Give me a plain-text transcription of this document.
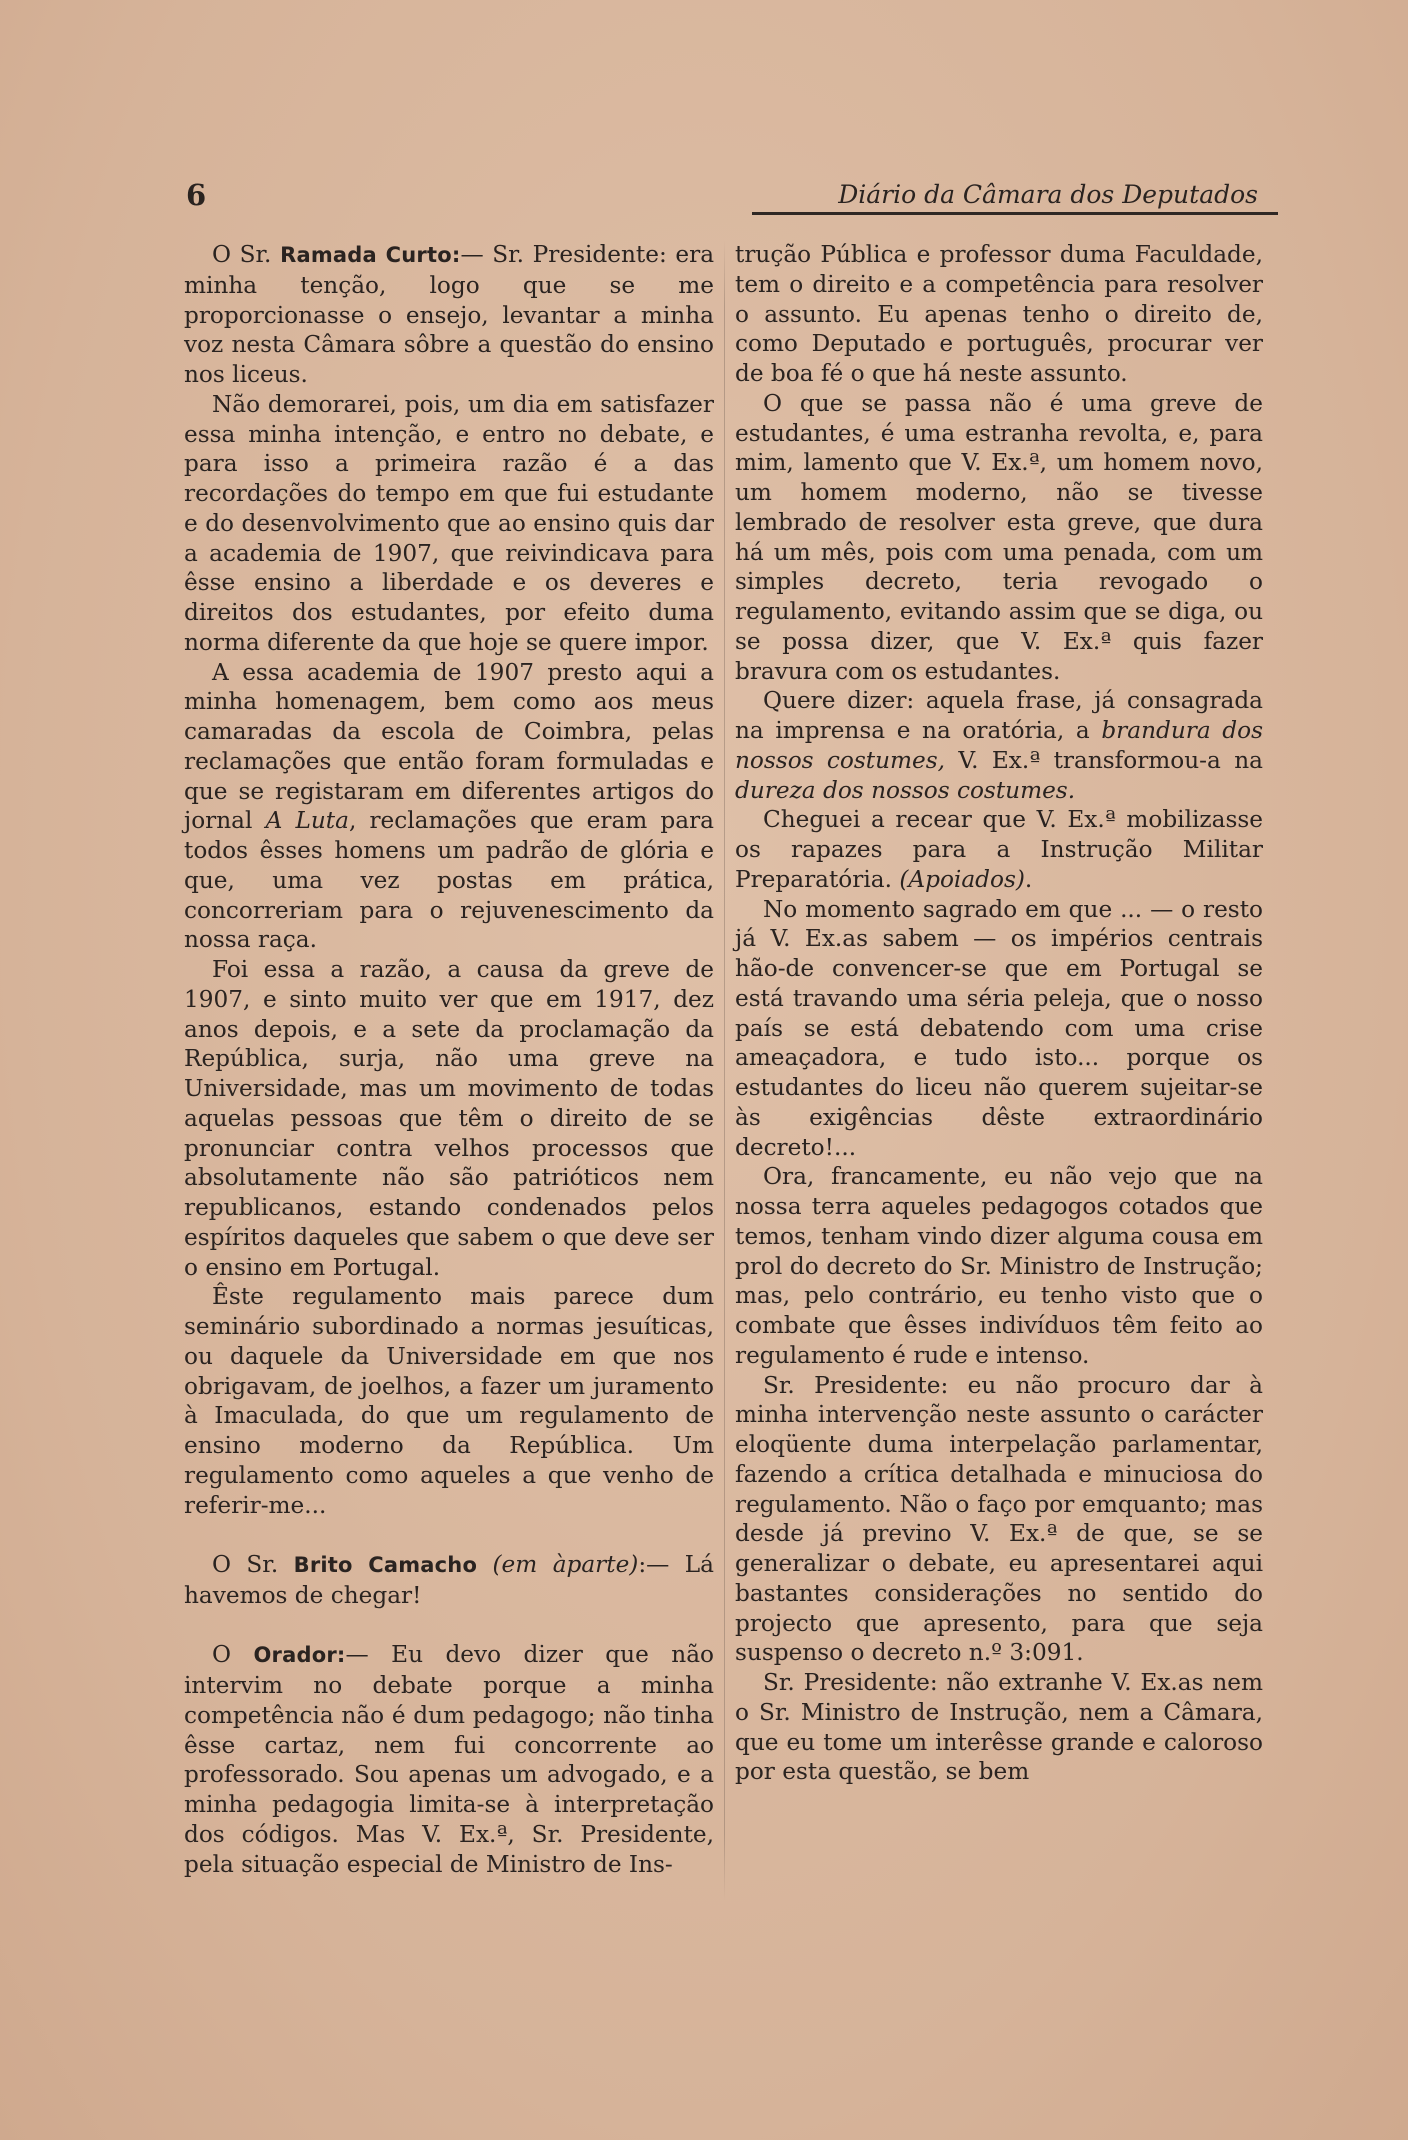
6	Diário da Câmara dos Deputados

O Sr. Ramada Curto:— Sr. Presidente: era minha tenção, logo que se me proporcionasse o ensejo, levantar a minha voz nesta Câmara sôbre a questão do ensino nos liceus.

Não demorarei, pois, um dia em satisfazer essa minha intenção, e entro no debate, e para isso a primeira razão é a das recordações do tempo em que fui estudante e do desenvolvimento que ao ensino quis dar a academia de 1907, que reivindicava para êsse ensino a liberdade e os deveres e direitos dos estudantes, por efeito duma norma diferente da que hoje se quere impor.

A essa academia de 1907 presto aqui a minha homenagem, bem como aos meus camaradas da escola de Coimbra, pelas reclamações que então foram formuladas e que se registaram em diferentes artigos do jornal A Luta, reclamações que eram para todos êsses homens um padrão de glória e que, uma vez postas em prática, concorreriam para o rejuvenescimento da nossa raça.

Foi essa a razão, a causa da greve de 1907, e sinto muito ver que em 1917, dez anos depois, e a sete da proclamação da República, surja, não uma greve na Universidade, mas um movimento de todas aquelas pessoas que têm o direito de se pronunciar contra velhos processos que absolutamente não são patrióticos nem republicanos, estando condenados pelos espíritos daqueles que sabem o que deve ser o ensino em Portugal.

Êste regulamento mais parece dum seminário subordinado a normas jesuíticas, ou daquele da Universidade em que nos obrigavam, de joelhos, a fazer um juramento à Imaculada, do que um regulamento de ensino moderno da República. Um regulamento como aqueles a que venho de referir-me...

O Sr. Brito Camacho (em àparte):— Lá havemos de chegar!

O Orador:— Eu devo dizer que não intervim no debate porque a minha competência não é dum pedagogo; não tinha êsse cartaz, nem fui concorrente ao professorado. Sou apenas um advogado, e a minha pedagogia limita-se à interpretação dos códigos. Mas V. Ex.ª, Sr. Presidente, pela situação especial de Ministro de Ins-

trução Pública e professor duma Faculdade, tem o direito e a competência para resolver o assunto. Eu apenas tenho o direito de, como Deputado e português, procurar ver de boa fé o que há neste assunto.

O que se passa não é uma greve de estudantes, é uma estranha revolta, e, para mim, lamento que V. Ex.ª, um homem novo, um homem moderno, não se tivesse lembrado de resolver esta greve, que dura há um mês, pois com uma penada, com um simples decreto, teria revogado o regulamento, evitando assim que se diga, ou se possa dizer, que V. Ex.ª quis fazer bravura com os estudantes.

Quere dizer: aquela frase, já consagrada na imprensa e na oratória, a brandura dos nossos costumes, V. Ex.ª transformou-a na dureza dos nossos costumes.

Cheguei a recear que V. Ex.ª mobilizasse os rapazes para a Instrução Militar Preparatória. (Apoiados).

No momento sagrado em que ... — o resto já V. Ex.as sabem — os impérios centrais hão-de convencer-se que em Portugal se está travando uma séria peleja, que o nosso país se está debatendo com uma crise ameaçadora, e tudo isto... porque os estudantes do liceu não querem sujeitar-se às exigências dêste extraordinário decreto!...

Ora, francamente, eu não vejo que na nossa terra aqueles pedagogos cotados que temos, tenham vindo dizer alguma cousa em prol do decreto do Sr. Ministro de Instrução; mas, pelo contrário, eu tenho visto que o combate que êsses indivíduos têm feito ao regulamento é rude e intenso.

Sr. Presidente: eu não procuro dar à minha intervenção neste assunto o carácter eloqüente duma interpelação parlamentar, fazendo a crítica detalhada e minuciosa do regulamento. Não o faço por emquanto; mas desde já previno V. Ex.ª de que, se se generalizar o debate, eu apresentarei aqui bastantes considerações no sentido do projecto que apresento, para que seja suspenso o decreto n.º 3:091.

Sr. Presidente: não extranhe V. Ex.as nem o Sr. Ministro de Instrução, nem a Câmara, que eu tome um interêsse grande e caloroso por esta questão, se bem
